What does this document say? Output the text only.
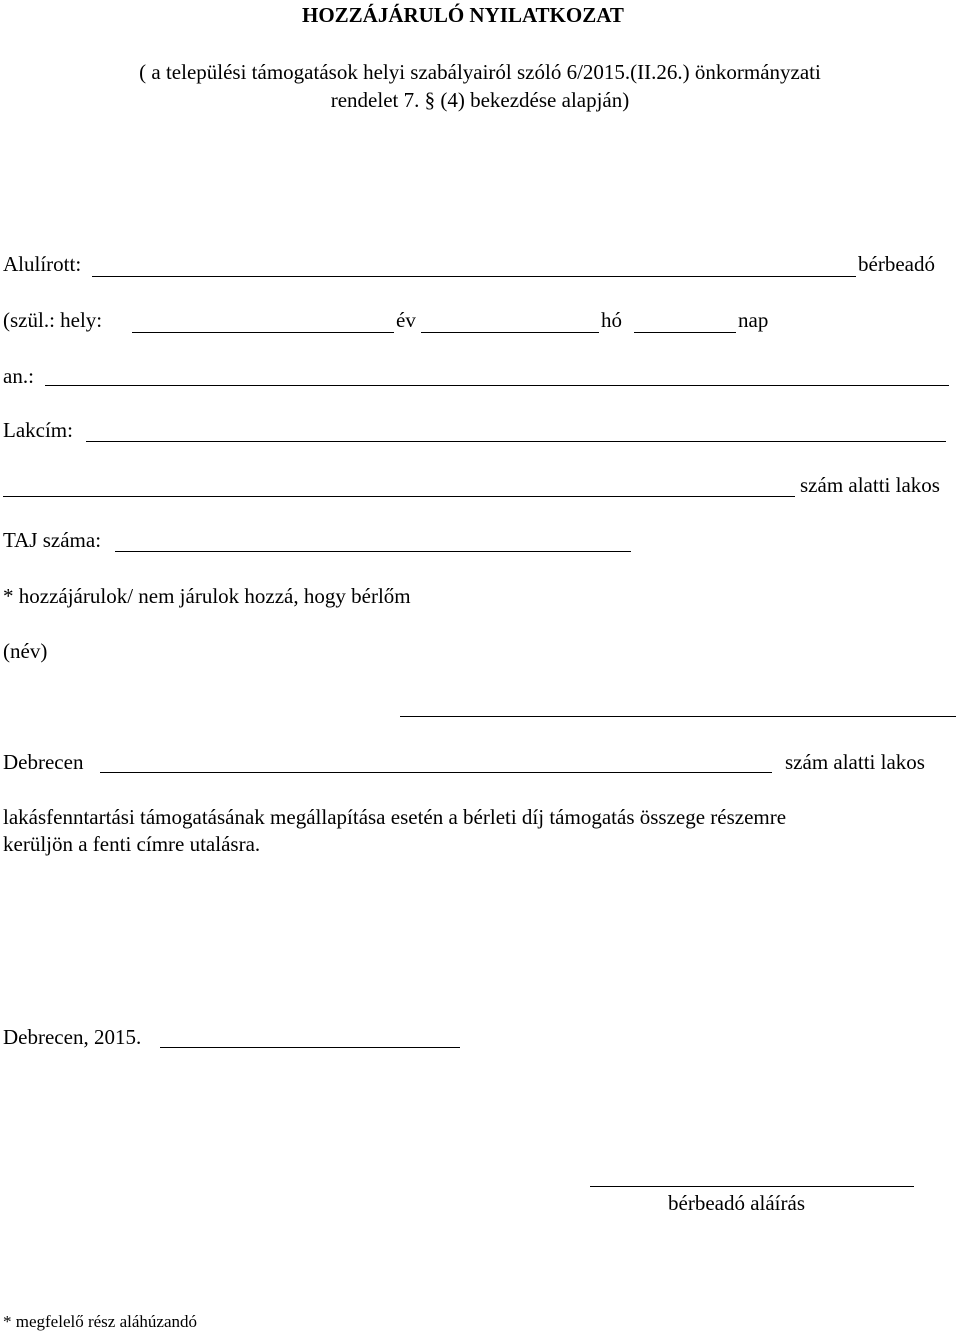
HOZZÁJÁRULÓ NYILATKOZAT
( a települési támogatások helyi szabályairól szóló 6/2015.(II.26.) önkormányzati
rendelet 7. § (4) bekezdése alapján)
Alulírott:	bérbeadó
(szül.: hely:	év	hó	nap
an.:
Lakcím:
szám alatti lakos
TAJ száma:
* hozzájárulok/ nem járulok hozzá, hogy bérlőm
(név)
Debrecen	szám alatti lakos
lakásfenntartási támogatásának megállapítása esetén a bérleti díj támogatás összege részemre
kerüljön a fenti címre utalásra.
Debrecen, 2015.
bérbeadó aláírás
* megfelelő rész aláhúzandó
